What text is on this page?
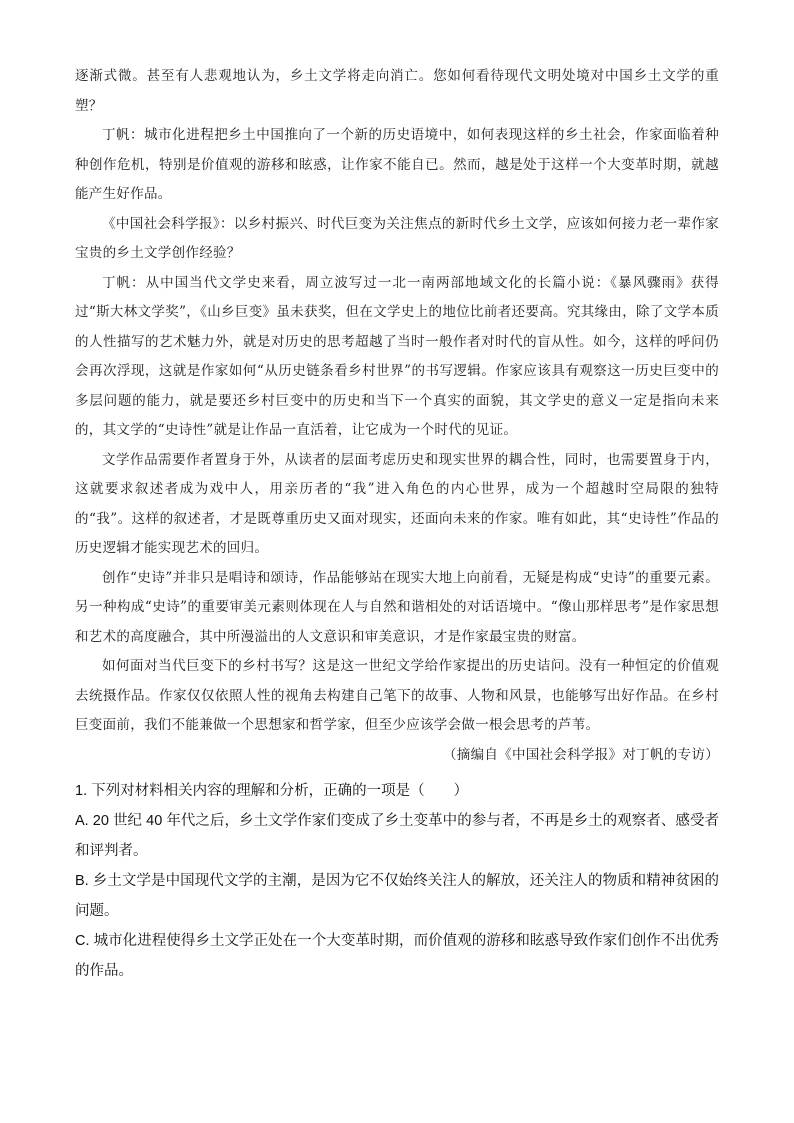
逐渐式微。甚至有人悲观地认为，乡土文学将走向消亡。您如何看待现代文明处境对中国乡土文学的重塑？

丁帆：城市化进程把乡土中国推向了一个新的历史语境中，如何表现这样的乡土社会，作家面临着种种创作危机，特别是价值观的游移和眩惑，让作家不能自已。然而，越是处于这样一个大变革时期，就越能产生好作品。

《中国社会科学报》：以乡村振兴、时代巨变为关注焦点的新时代乡土文学，应该如何接力老一辈作家宝贵的乡土文学创作经验？

丁帆：从中国当代文学史来看，周立波写过一北一南两部地域文化的长篇小说：《暴风骤雨》获得过“斯大林文学奖”，《山乡巨变》虽未获奖，但在文学史上的地位比前者还要高。究其缘由，除了文学本质的人性描写的艺术魅力外，就是对历史的思考超越了当时一般作者对时代的盲从性。如今，这样的呼问仍会再次浮现，这就是作家如何“从历史链条看乡村世界”的书写逻辑。作家应该具有观察这一历史巨变中的多层问题的能力，就是要还乡村巨变中的历史和当下一个真实的面貌，其文学史的意义一定是指向未来的，其文学的“史诗性”就是让作品一直活着，让它成为一个时代的见证。

文学作品需要作者置身于外，从读者的层面考虑历史和现实世界的耦合性，同时，也需要置身于内，这就要求叙述者成为戏中人，用亲历者的“我”进入角色的内心世界，成为一个超越时空局限的独特的“我”。这样的叙述者，才是既尊重历史又面对现实，还面向未来的作家。唯有如此，其“史诗性”作品的历史逻辑才能实现艺术的回归。

创作“史诗”并非只是唱诗和颂诗，作品能够站在现实大地上向前看，无疑是构成“史诗”的重要元素。另一种构成“史诗”的重要审美元素则体现在人与自然和谐相处的对话语境中。“像山那样思考”是作家思想和艺术的高度融合，其中所漫溢出的人文意识和审美意识，才是作家最宝贵的财富。

如何面对当代巨变下的乡村书写？这是这一世纪文学给作家提出的历史诘问。没有一种恒定的价值观去统摄作品。作家仅仅依照人性的视角去构建自己笔下的故事、人物和风景，也能够写出好作品。在乡村巨变面前，我们不能兼做一个思想家和哲学家，但至少应该学会做一根会思考的芦苇。

（摘编自《中国社会科学报》对丁帆的专访）

1. 下列对材料相关内容的理解和分析，正确的一项是（　　）

A. 20 世纪 40 年代之后，乡土文学作家们变成了乡土变革中的参与者，不再是乡土的观察者、感受者和评判者。

B. 乡土文学是中国现代文学的主潮，是因为它不仅始终关注人的解放，还关注人的物质和精神贫困的问题。

C. 城市化进程使得乡土文学正处在一个大变革时期，而价值观的游移和眩惑导致作家们创作不出优秀的作品。
